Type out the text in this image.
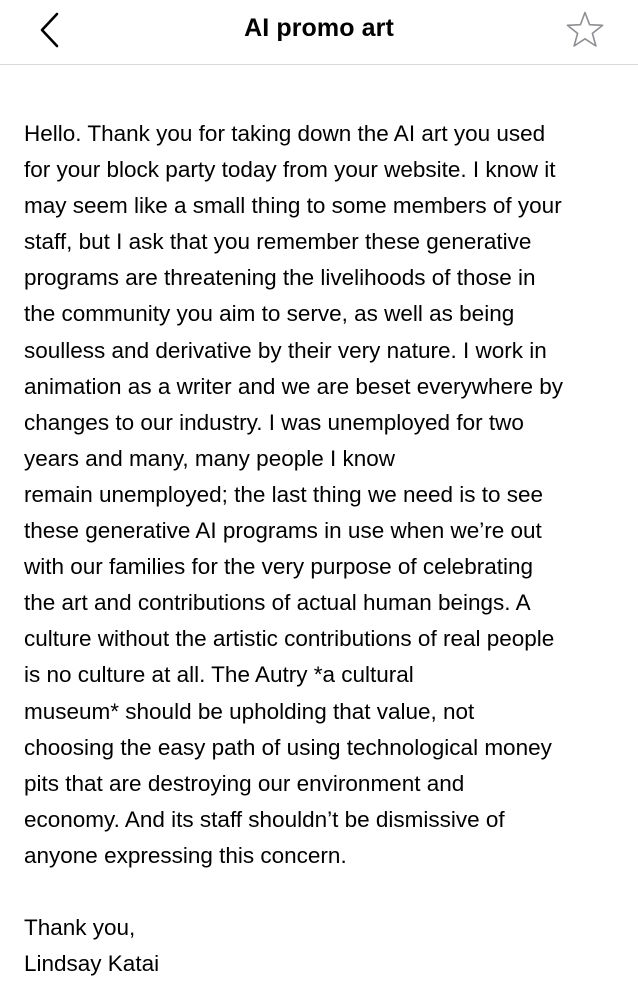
AI promo art
Hello. Thank you for taking down the AI art you used
for your block party today from your website. I know it
may seem like a small thing to some members of your
staff, but I ask that you remember these generative
programs are threatening the livelihoods of those in
the community you aim to serve, as well as being
soulless and derivative by their very nature. I work in
animation as a writer and we are beset everywhere by
changes to our industry. I was unemployed for two
years and many, many people I know
remain unemployed; the last thing we need is to see
these generative AI programs in use when we’re out
with our families for the very purpose of celebrating
the art and contributions of actual human beings. A
culture without the artistic contributions of real people
is no culture at all. The Autry *a cultural
museum* should be upholding that value, not
choosing the easy path of using technological money
pits that are destroying our environment and
economy. And its staff shouldn’t be dismissive of
anyone expressing this concern.
Thank you,
Lindsay Katai
